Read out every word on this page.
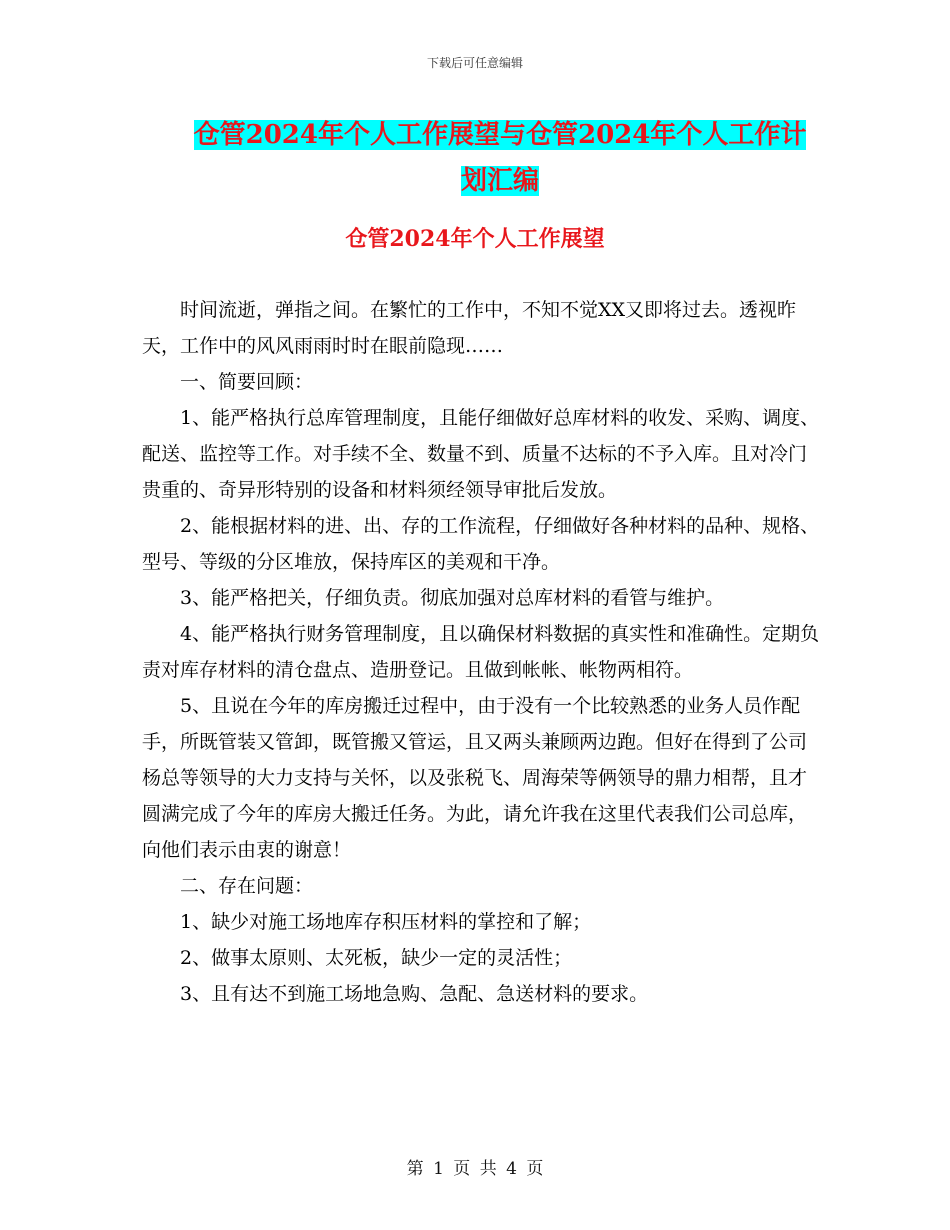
下载后可任意编辑
仓管2024年个人工作展望与仓管2024年个人工作计
划汇编
仓管2024年个人工作展望

时间流逝，弹指之间。在繁忙的工作中，不知不觉XX又即将过去。透视昨天，工作中的风风雨雨时时在眼前隐现……

一、简要回顾：

1、能严格执行总库管理制度，且能仔细做好总库材料的收发、采购、调度、配送、监控等工作。对手续不全、数量不到、质量不达标的不予入库。且对冷门贵重的、奇异形特别的设备和材料须经领导审批后发放。

2、能根据材料的进、出、存的工作流程，仔细做好各种材料的品种、规格、型号、等级的分区堆放，保持库区的美观和干净。

3、能严格把关，仔细负责。彻底加强对总库材料的看管与维护。

4、能严格执行财务管理制度，且以确保材料数据的真实性和准确性。定期负责对库存材料的清仓盘点、造册登记。且做到帐帐、帐物两相符。

5、且说在今年的库房搬迁过程中，由于没有一个比较熟悉的业务人员作配手，所既管装又管卸，既管搬又管运，且又两头兼顾两边跑。但好在得到了公司杨总等领导的大力支持与关怀，以及张税飞、周海荣等俩领导的鼎力相帮，且才圆满完成了今年的库房大搬迁任务。为此，请允许我在这里代表我们公司总库，向他们表示由衷的谢意！

二、存在问题：

1、缺少对施工场地库存积压材料的掌控和了解；

2、做事太原则、太死板，缺少一定的灵活性；

3、且有达不到施工场地急购、急配、急送材料的要求。

第 1 页 共 4 页
